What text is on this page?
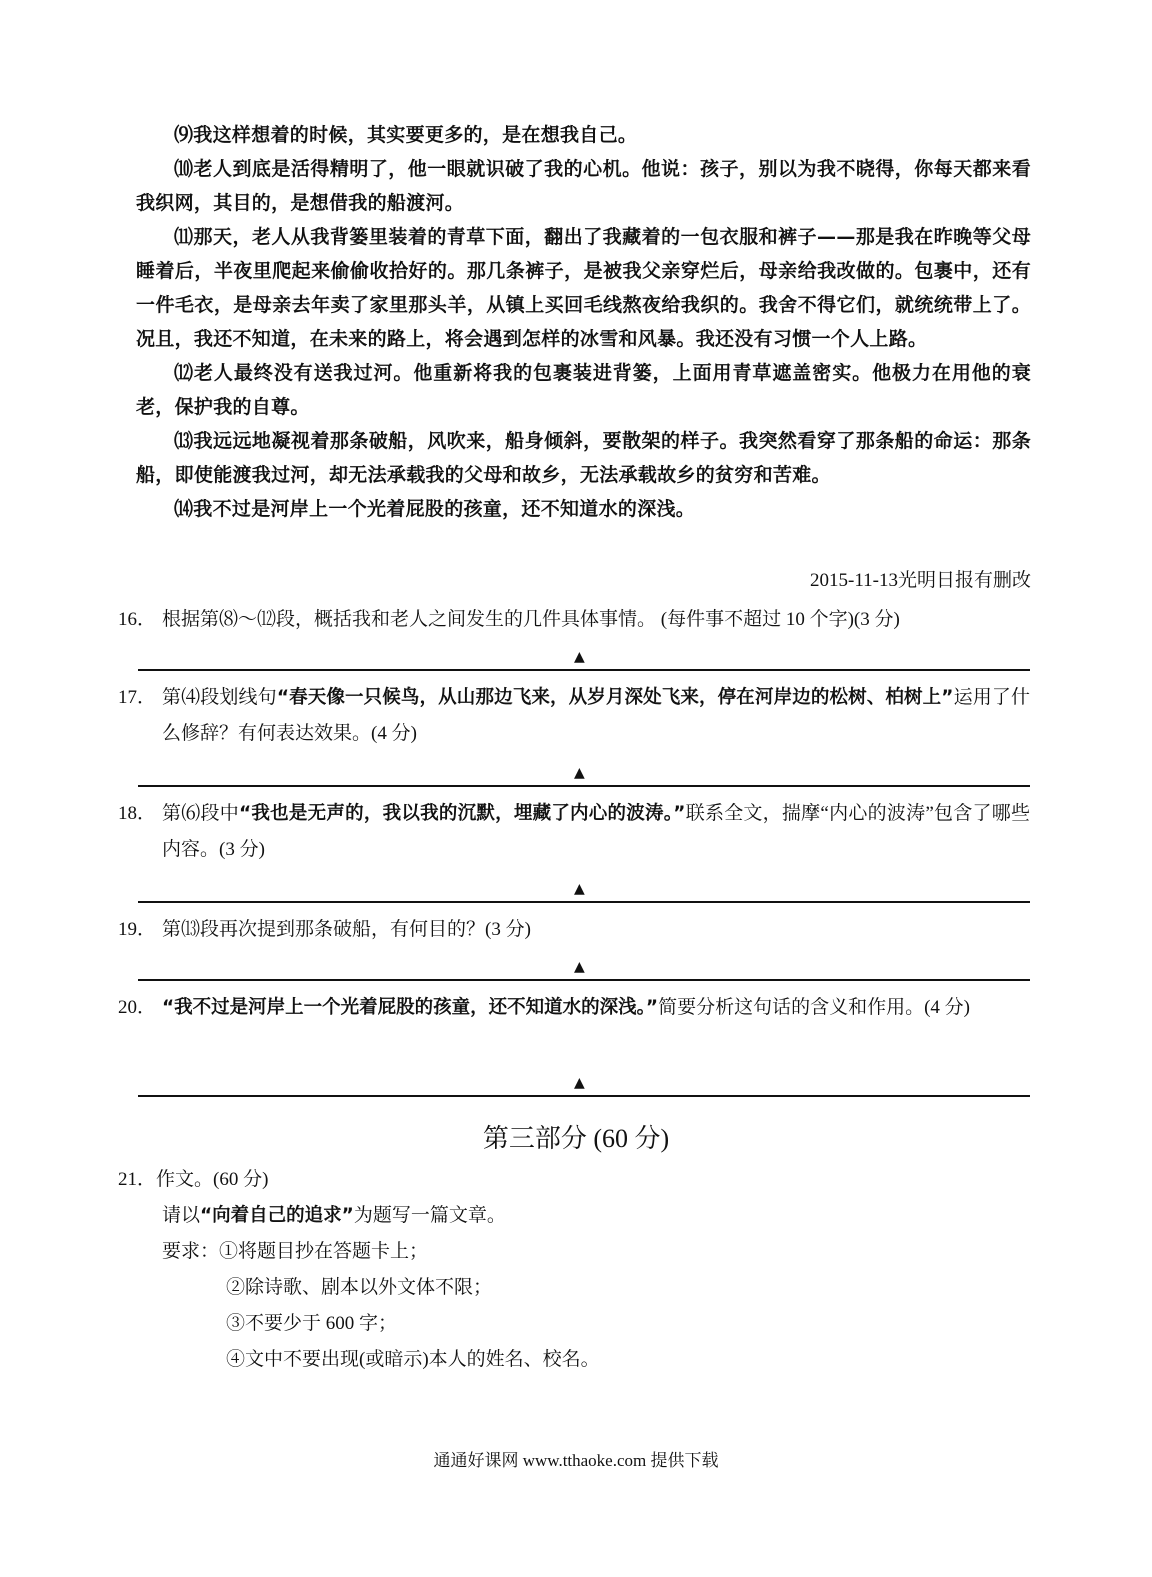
⑼我这样想着的时候，其实要更多的，是在想我自己。

⑽老人到底是活得精明了，他一眼就识破了我的心机。他说：孩子，别以为我不晓得，你每天都来看我织网，其目的，是想借我的船渡河。

⑾那天，老人从我背篓里装着的青草下面，翻出了我藏着的一包衣服和裤子——那是我在昨晚等父母睡着后，半夜里爬起来偷偷收拾好的。那几条裤子，是被我父亲穿烂后，母亲给我改做的。包裹中，还有一件毛衣，是母亲去年卖了家里那头羊，从镇上买回毛线熬夜给我织的。我舍不得它们，就统统带上了。况且，我还不知道，在未来的路上，将会遇到怎样的冰雪和风暴。我还没有习惯一个人上路。

⑿老人最终没有送我过河。他重新将我的包裹装进背篓，上面用青草遮盖密实。他极力在用他的衰老，保护我的自尊。

⒀我远远地凝视着那条破船，风吹来，船身倾斜，要散架的样子。我突然看穿了那条船的命运：那条船，即使能渡我过河，却无法承载我的父母和故乡，无法承载故乡的贫穷和苦难。

⒁我不过是河岸上一个光着屁股的孩童，还不知道水的深浅。

2015-11-13光明日报有删改
16． 根据第⑻～⑿段，概括我和老人之间发生的几件具体事情。 (每件事不超过 10 个字)(3 分)
▲
17． 第⑷段划线句“春天像一只候鸟，从山那边飞来，从岁月深处飞来，停在河岸边的松树、柏树上”运用了什么修辞？有何表达效果。(4 分)
▲
18． 第⑹段中“我也是无声的，我以我的沉默，埋藏了内心的波涛。”联系全文，揣摩“内心的波涛”包含了哪些内容。(3 分)
▲
19． 第⒀段再次提到那条破船，有何目的？(3 分)
▲
20． “我不过是河岸上一个光着屁股的孩童，还不知道水的深浅。”简要分析这句话的含义和作用。(4 分)
▲
第三部分 (60 分)
21．作文。(60 分)
请以“向着自己的追求”为题写一篇文章。
要求：①将题目抄在答题卡上；
②除诗歌、剧本以外文体不限；
③不要少于 600 字；
④文中不要出现(或暗示)本人的姓名、校名。
通通好课网 www.tthaoke.com 提供下载
